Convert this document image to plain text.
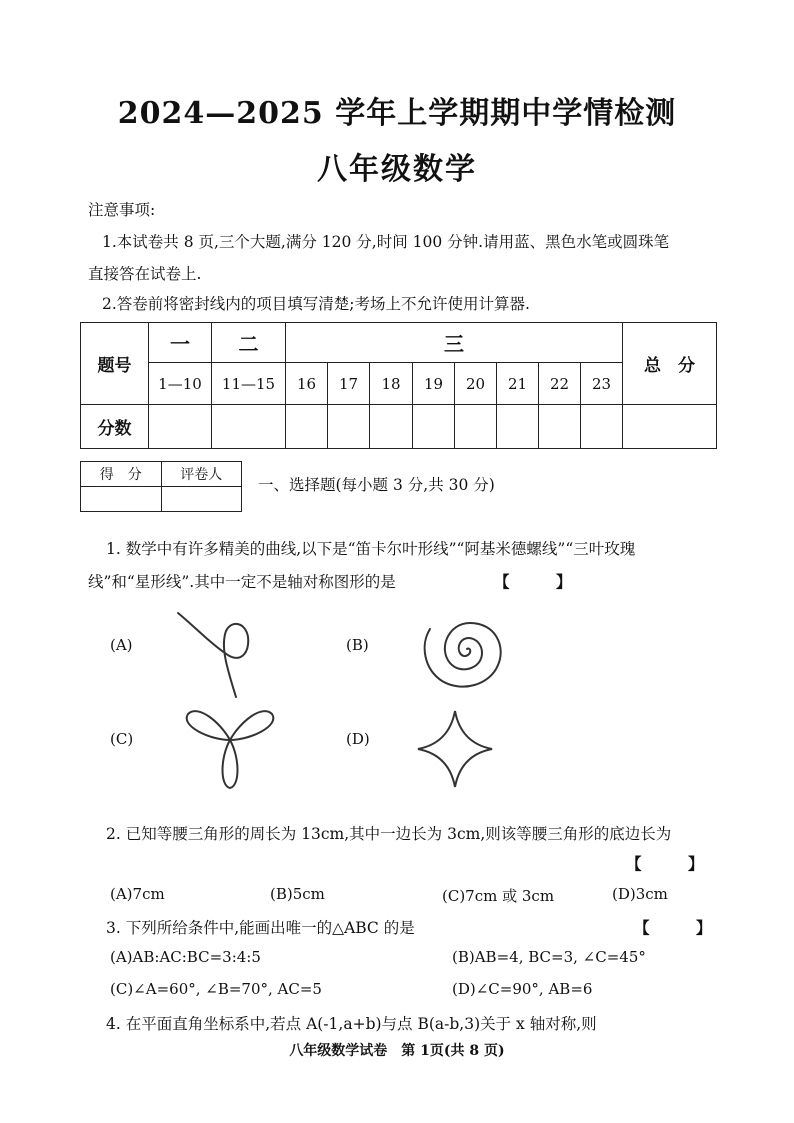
2024—2025 学年上学期期中学情检测
八年级数学
注意事项:
1.本试卷共 8 页,三个大题,满分 120 分,时间 100 分钟.请用蓝、黑色水笔或圆珠笔
直接答在试卷上.
2.答卷前将密封线内的项目填写清楚;考场上不允许使用计算器.
题号	一	二	三								总　分
	1—10	11—15	16	17	18	19	20	21	22	23	
分数											
得　分	评卷人

一、选择题(每小题 3 分,共 30 分)
1. 数学中有许多精美的曲线,以下是“笛卡尔叶形线”“阿基米德螺线”“三叶玫瑰
线”和“星形线”.其中一定不是轴对称图形的是	【　　　】
(A)	(B)
(C)	(D)
2. 已知等腰三角形的周长为 13cm,其中一边长为 3cm,则该等腰三角形的底边长为
【　　　】
(A)7cm	(B)5cm	(C)7cm 或 3cm	(D)3cm
3. 下列所给条件中,能画出唯一的△ABC 的是	【　　　】
(A)AB:AC:BC=3:4:5	(B)AB=4, BC=3, ∠C=45°
(C)∠A=60°, ∠B=70°, AC=5	(D)∠C=90°, AB=6
4. 在平面直角坐标系中,若点 A(-1,a+b)与点 B(a-b,3)关于 x 轴对称,则
八年级数学试卷　第 1页(共 8 页)
